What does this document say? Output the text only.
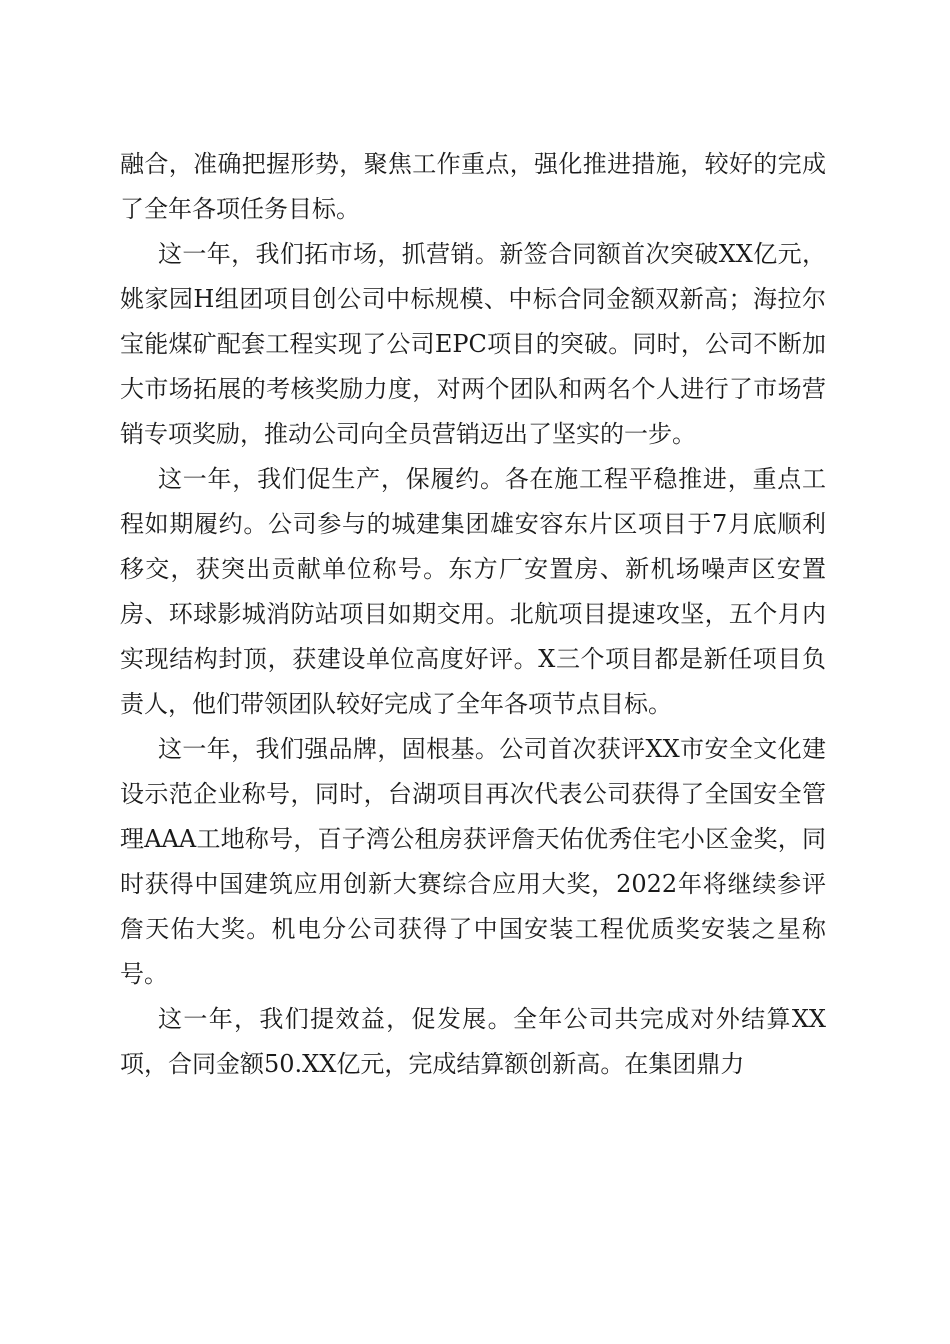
融合，准确把握形势，聚焦工作重点，强化推进措施，较好的完成了全年各项任务目标。

这一年，我们拓市场，抓营销。新签合同额首次突破XX亿元，姚家园H组团项目创公司中标规模、中标合同金额双新高；海拉尔宝能煤矿配套工程实现了公司EPC项目的突破。同时，公司不断加大市场拓展的考核奖励力度，对两个团队和两名个人进行了市场营销专项奖励，推动公司向全员营销迈出了坚实的一步。

这一年，我们促生产，保履约。各在施工程平稳推进，重点工程如期履约。公司参与的城建集团雄安容东片区项目于7月底顺利移交，获突出贡献单位称号。东方厂安置房、新机场噪声区安置房、环球影城消防站项目如期交用。北航项目提速攻坚，五个月内实现结构封顶，获建设单位高度好评。X三个项目都是新任项目负责人，他们带领团队较好完成了全年各项节点目标。

这一年，我们强品牌，固根基。公司首次获评XX市安全文化建设示范企业称号，同时，台湖项目再次代表公司获得了全国安全管理AAA工地称号，百子湾公租房获评詹天佑优秀住宅小区金奖，同时获得中国建筑应用创新大赛综合应用大奖，2022年将继续参评詹天佑大奖。机电分公司获得了中国安装工程优质奖安装之星称号。

这一年，我们提效益，促发展。全年公司共完成对外结算XX项，合同金额50.XX亿元，完成结算额创新高。在集团鼎力
